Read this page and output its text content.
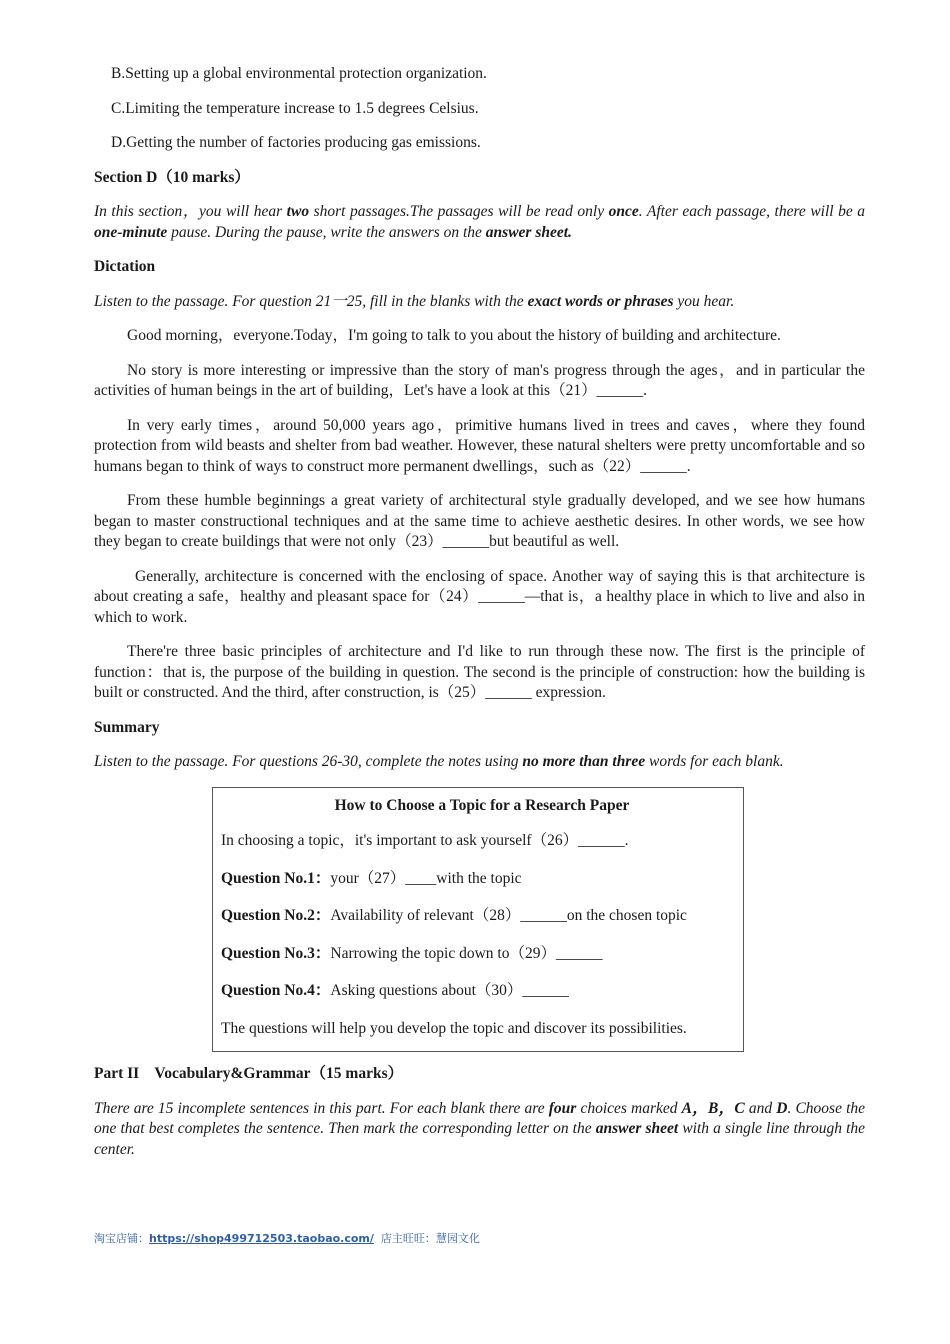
B.Setting up a global environmental protection organization.
C.Limiting the temperature increase to 1.5 degrees Celsius.
D.Getting the number of factories producing gas emissions.
Section D（10 marks）
In this section，you will hear two short passages.The passages will be read only once. After each passage, there will be a one-minute pause. During the pause, write the answers on the answer sheet.
Dictation
Listen to the passage. For question 21一25, fill in the blanks with the exact words or phrases you hear.
Good morning，everyone.Today，I'm going to talk to you about the history of building and architecture.
No story is more interesting or impressive than the story of man's progress through the ages，and in particular the activities of human beings in the art of building，Let's have a look at this（21）______.
In very early times，around 50,000 years ago，primitive humans lived in trees and caves，where they found protection from wild beasts and shelter from bad weather. However, these natural shelters were pretty uncomfortable and so humans began to think of ways to construct more permanent dwellings，such as（22）______.
From these humble beginnings a great variety of architectural style gradually developed, and we see how humans began to master constructional techniques and at the same time to achieve aesthetic desires. In other words, we see how they began to create buildings that were not only（23）______but beautiful as well.
Generally, architecture is concerned with the enclosing of space. Another way of saying this is that architecture is about creating a safe，healthy and pleasant space for（24）______—that is，a healthy place in which to live and also in which to work.
There're three basic principles of architecture and I'd like to run through these now. The first is the principle of function：that is, the purpose of the building in question. The second is the principle of construction: how the building is built or constructed. And the third, after construction, is（25）______ expression.
Summary
Listen to the passage. For questions 26-30, complete the notes using no more than three words for each blank.
How to Choose a Topic for a Research Paper
In choosing a topic，it's important to ask yourself（26）______.
Question No.1：your（27）____with the topic
Question No.2：Availability of relevant（28）______on the chosen topic
Question No.3：Narrowing the topic down to（29）______
Question No.4：Asking questions about（30）______
The questions will help you develop the topic and discover its possibilities.
Part II    Vocabulary&Grammar（15 marks）
There are 15 incomplete sentences in this part. For each blank there are four choices marked A，B，C and D. Choose the one that best completes the sentence. Then mark the corresponding letter on the answer sheet with a single line through the center.
淘宝店铺：https://shop499712503.taobao.com/  店主旺旺：慧园文化
